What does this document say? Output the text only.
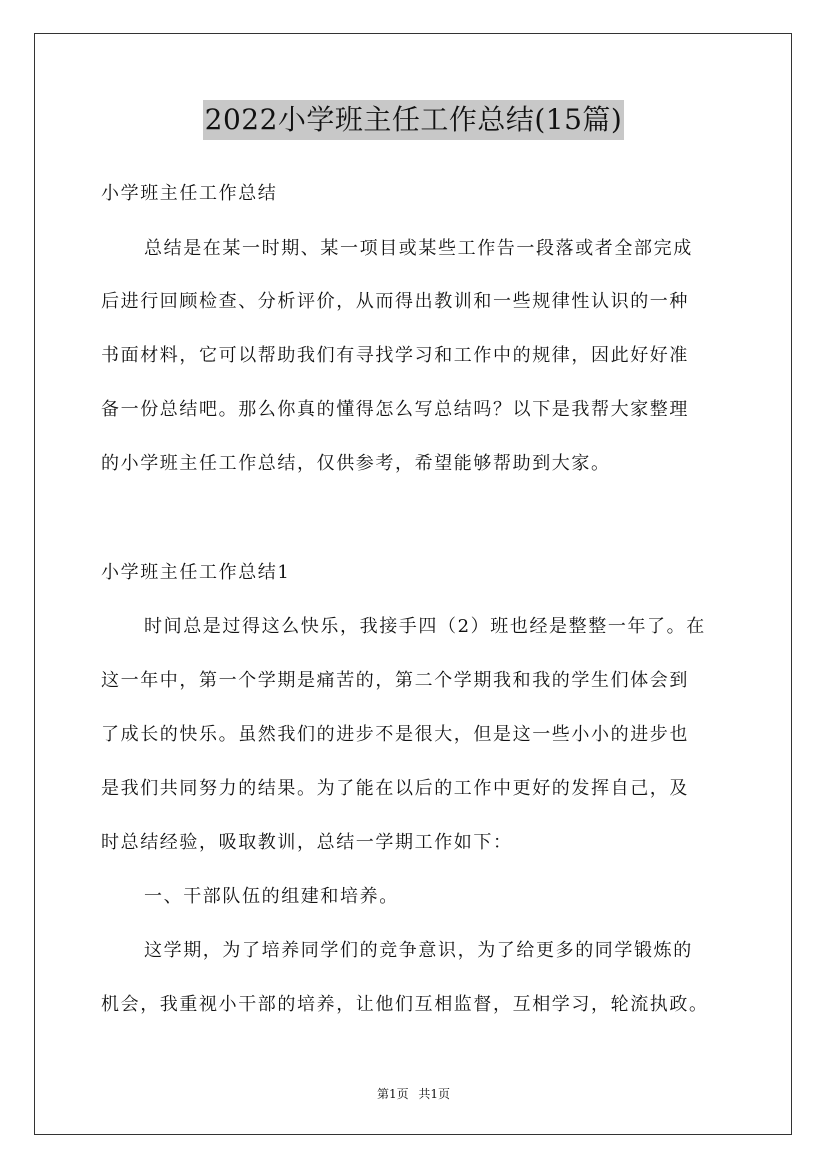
2022小学班主任工作总结(15篇)
小学班主任工作总结
总结是在某一时期、某一项目或某些工作告一段落或者全部完成
后进行回顾检查、分析评价，从而得出教训和一些规律性认识的一种
书面材料，它可以帮助我们有寻找学习和工作中的规律，因此好好准
备一份总结吧。那么你真的懂得怎么写总结吗？以下是我帮大家整理
的小学班主任工作总结，仅供参考，希望能够帮助到大家。
小学班主任工作总结1
时间总是过得这么快乐，我接手四（2）班也经是整整一年了。在
这一年中，第一个学期是痛苦的，第二个学期我和我的学生们体会到
了成长的快乐。虽然我们的进步不是很大，但是这一些小小的进步也
是我们共同努力的结果。为了能在以后的工作中更好的发挥自己，及
时总结经验，吸取教训，总结一学期工作如下：
一、干部队伍的组建和培养。
这学期，为了培养同学们的竞争意识，为了给更多的同学锻炼的
机会，我重视小干部的培养，让他们互相监督，互相学习，轮流执政。
第1页 共1页
